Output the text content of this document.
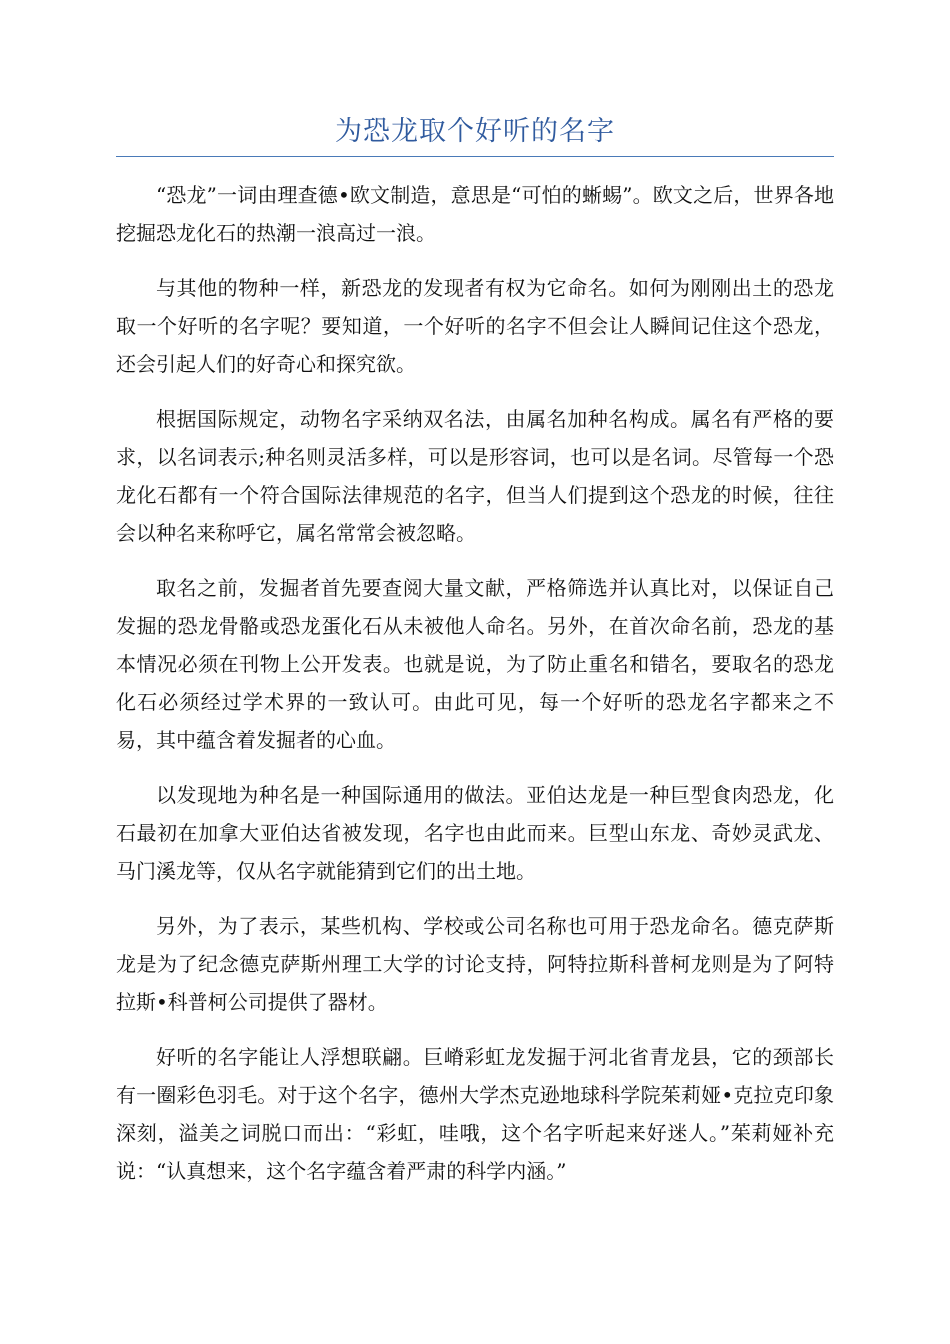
为恐龙取个好听的名字

“恐龙”一词由理查德•欧文制造，意思是“可怕的蜥蜴”。欧文之后，世界各地挖掘恐龙化石的热潮一浪高过一浪。

与其他的物种一样，新恐龙的发现者有权为它命名。如何为刚刚出土的恐龙取一个好听的名字呢？要知道，一个好听的名字不但会让人瞬间记住这个恐龙，还会引起人们的好奇心和探究欲。

根据国际规定，动物名字采纳双名法，由属名加种名构成。属名有严格的要求，以名词表示;种名则灵活多样，可以是形容词，也可以是名词。尽管每一个恐龙化石都有一个符合国际法律规范的名字，但当人们提到这个恐龙的时候，往往会以种名来称呼它，属名常常会被忽略。

取名之前，发掘者首先要查阅大量文献，严格筛选并认真比对，以保证自己发掘的恐龙骨骼或恐龙蛋化石从未被他人命名。另外，在首次命名前，恐龙的基本情况必须在刊物上公开发表。也就是说，为了防止重名和错名，要取名的恐龙化石必须经过学术界的一致认可。由此可见，每一个好听的恐龙名字都来之不易，其中蕴含着发掘者的心血。

以发现地为种名是一种国际通用的做法。亚伯达龙是一种巨型食肉恐龙，化石最初在加拿大亚伯达省被发现，名字也由此而来。巨型山东龙、奇妙灵武龙、马门溪龙等，仅从名字就能猜到它们的出土地。

另外，为了表示，某些机构、学校或公司名称也可用于恐龙命名。德克萨斯龙是为了纪念德克萨斯州理工大学的讨论支持，阿特拉斯科普柯龙则是为了阿特拉斯•科普柯公司提供了器材。

好听的名字能让人浮想联翩。巨嵴彩虹龙发掘于河北省青龙县，它的颈部长有一圈彩色羽毛。对于这个名字，德州大学杰克逊地球科学院茱莉娅•克拉克印象深刻，溢美之词脱口而出：“彩虹，哇哦，这个名字听起来好迷人。”茱莉娅补充说：“认真想来，这个名字蕴含着严肃的科学内涵。”
